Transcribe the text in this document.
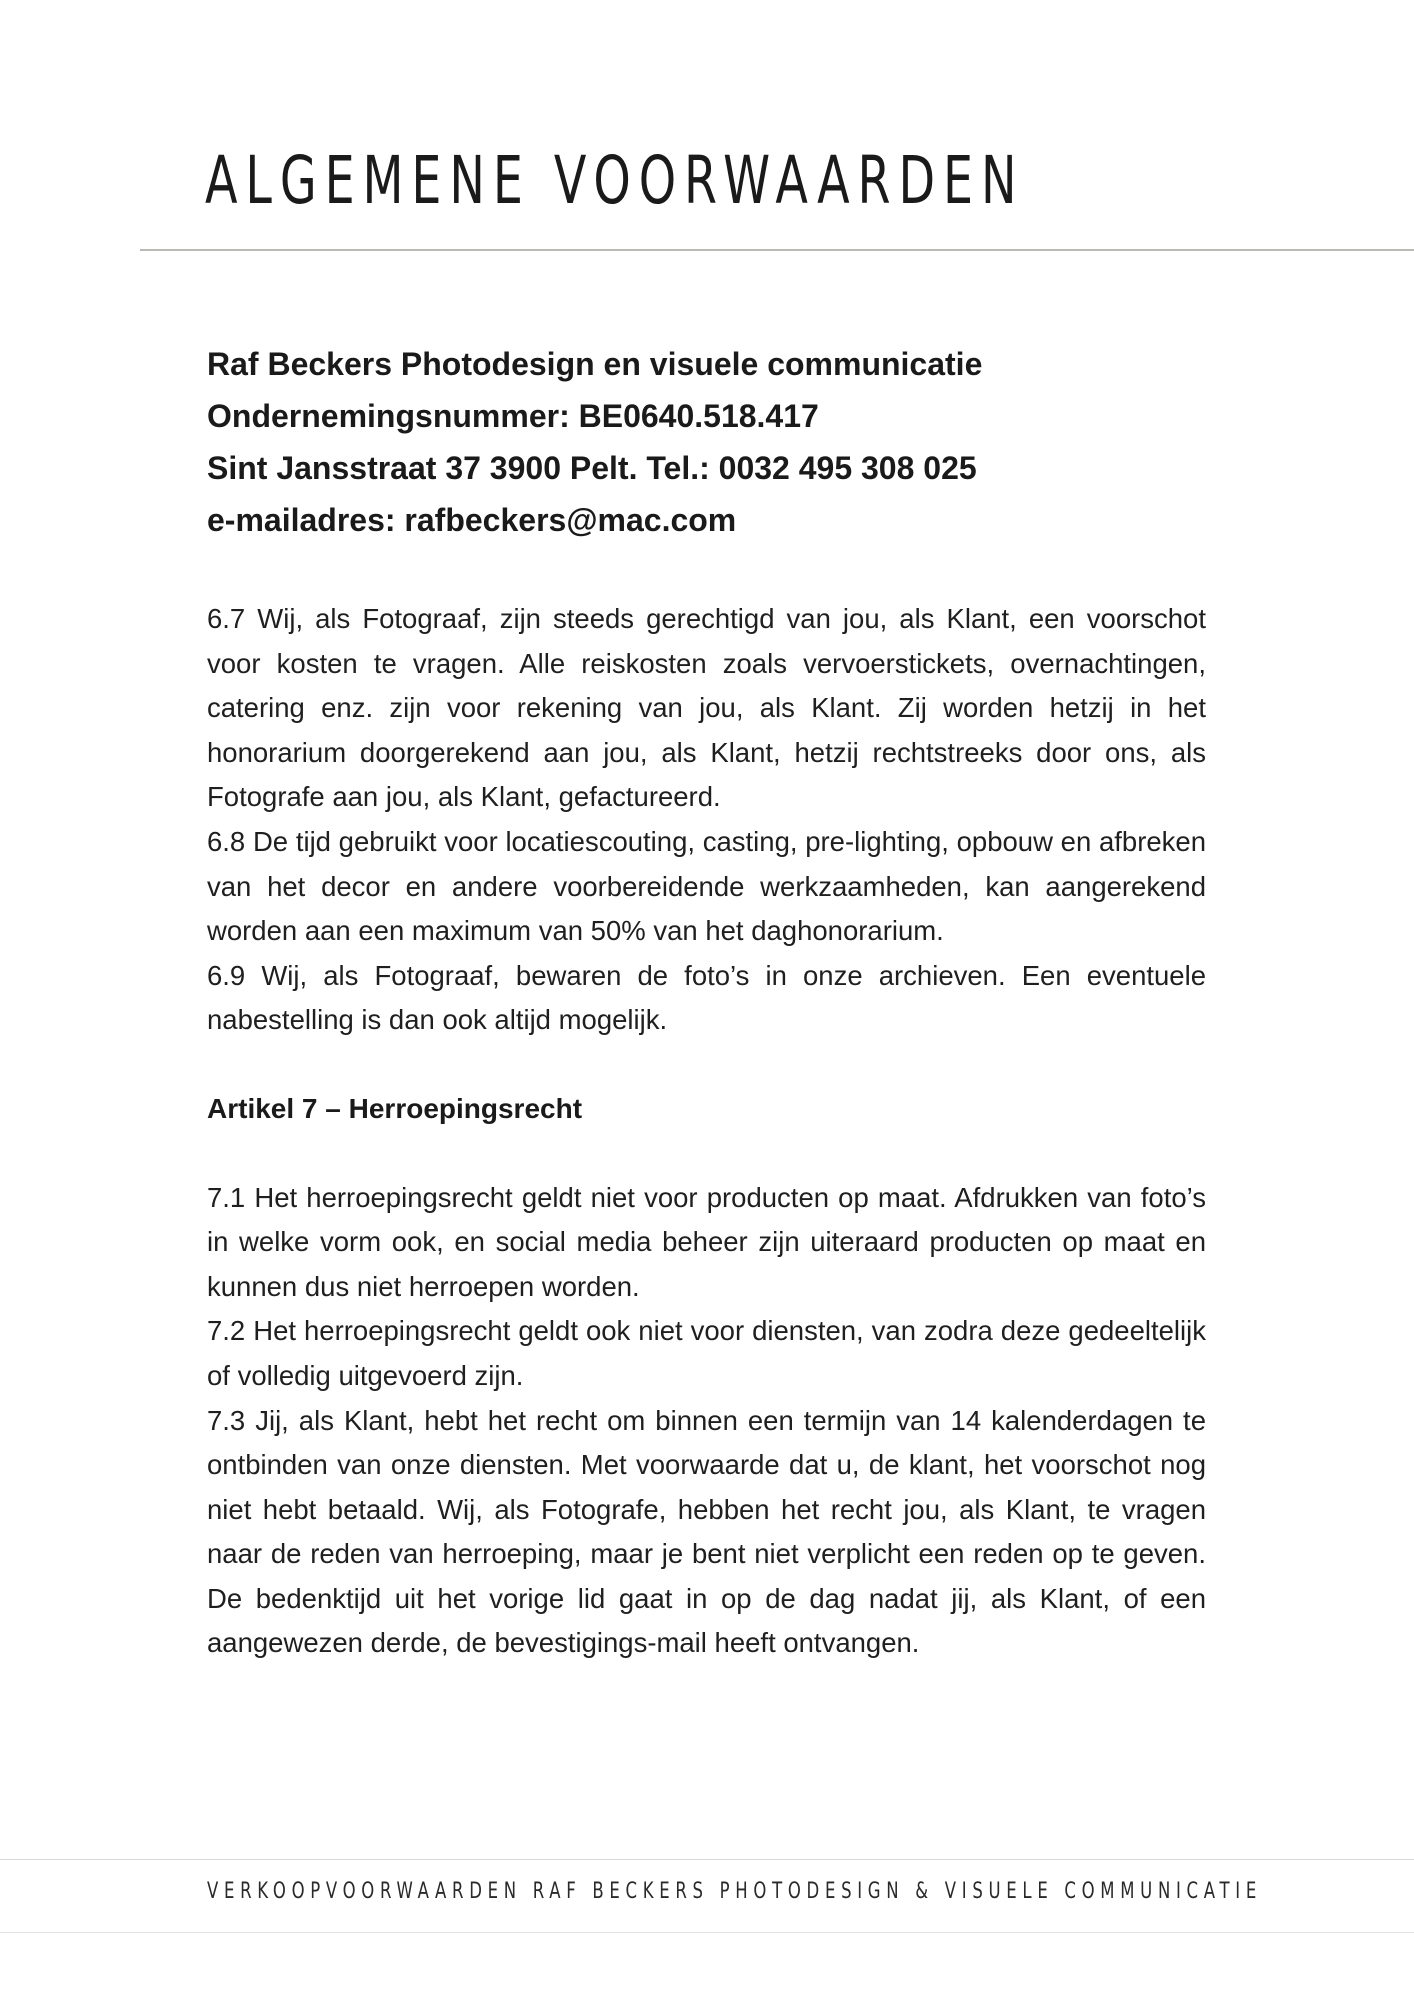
ALGEMENE VOORWAARDEN
Raf Beckers Photodesign en visuele communicatie
Ondernemingsnummer: BE0640.518.417
Sint Jansstraat 37 3900 Pelt. Tel.: 0032 495 308 025
e-mailadres: rafbeckers@mac.com

6.7 Wij, als Fotograaf, zijn steeds gerechtigd van jou, als Klant, een voorschot voor kosten te vragen. Alle reiskosten zoals vervoerstickets, overnachtingen, catering enz. zijn voor rekening van jou, als Klant. Zij worden hetzij in het honorarium doorgerekend aan jou, als Klant, hetzij rechtstreeks door ons, als Fotografe aan jou, als Klant, gefactureerd.

6.8 De tijd gebruikt voor locatiescouting, casting, pre-lighting, opbouw en afbreken van het decor en andere voorbereidende werkzaamheden, kan aangerekend worden aan een maximum van 50% van het daghonorarium.

6.9 Wij, als Fotograaf, bewaren de foto’s in onze archieven. Een eventuele nabestelling is dan ook altijd mogelijk.

Artikel 7 – Herroepingsrecht

7.1 Het herroepingsrecht geldt niet voor producten op maat. Afdrukken van foto’s in welke vorm ook, en social media beheer zijn uiteraard producten op maat en kunnen dus niet herroepen worden.

7.2 Het herroepingsrecht geldt ook niet voor diensten, van zodra deze gedeeltelijk of volledig uitgevoerd zijn.

7.3 Jij, als Klant, hebt het recht om binnen een termijn van 14 kalenderdagen te ontbinden van onze diensten. Met voorwaarde dat u, de klant, het voorschot nog niet hebt betaald. Wij, als Fotografe, hebben het recht jou, als Klant, te vragen naar de reden van herroeping, maar je bent niet verplicht een reden op te geven. De bedenktijd uit het vorige lid gaat in op de dag nadat jij, als Klant, of een aangewezen derde, de bevestigings-mail heeft ontvangen.

VERKOOPVOORWAARDEN RAF BECKERS PHOTODESIGN & VISUELE COMMUNICATIE
